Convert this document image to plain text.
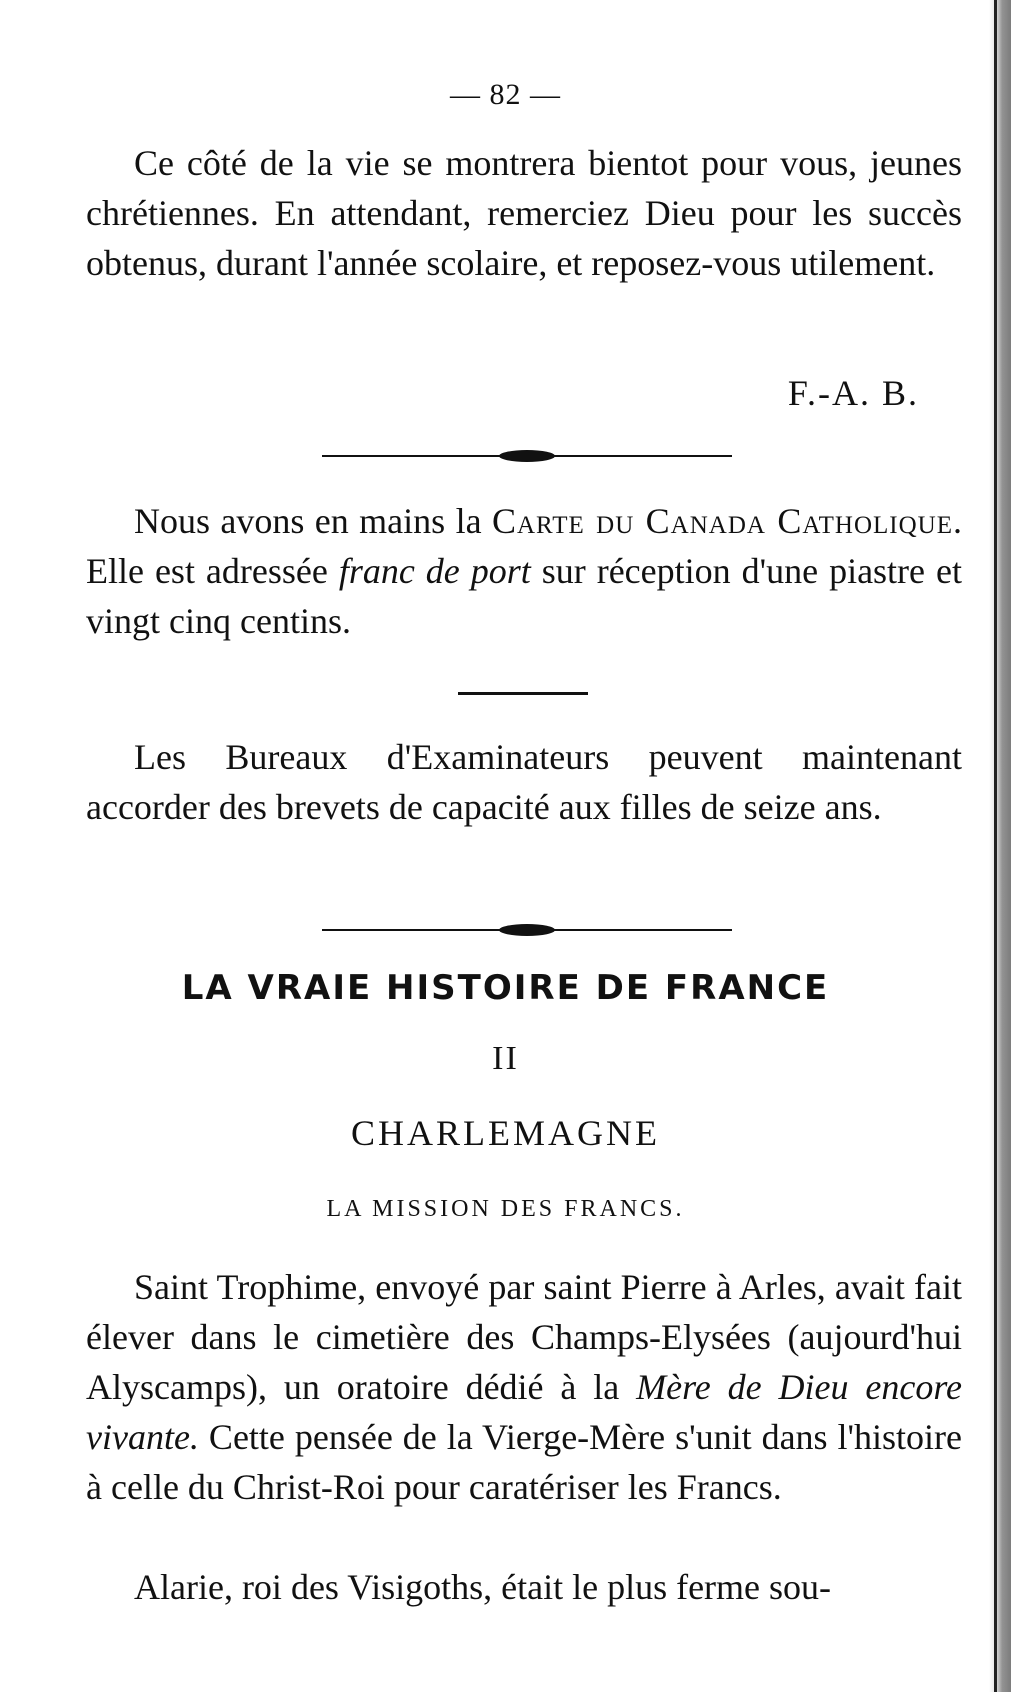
— 82 —

Ce côté de la vie se montrera bientot pour vous, jeunes chrétiennes. En attendant, remerciez Dieu pour les succès obtenus, durant l'année scolaire, et reposez-vous utilement.

F.-A. B.

Nous avons en mains la Carte du Canada Catholique. Elle est adressée franc de port sur réception d'une piastre et vingt cinq centins.

Les Bureaux d'Examinateurs peuvent maintenant accorder des brevets de capacité aux filles de seize ans.

LA VRAIE HISTOIRE DE FRANCE
II
CHARLEMAGNE
LA MISSION DES FRANCS.

Saint Trophime, envoyé par saint Pierre à Arles, avait fait élever dans le cimetière des Champs-Elysées (aujourd'hui Alyscamps), un oratoire dédié à la Mère de Dieu encore vivante. Cette pensée de la Vierge-Mère s'unit dans l'histoire à celle du Christ-Roi pour caratériser les Francs.

Alarie, roi des Visigoths, était le plus ferme sou-
